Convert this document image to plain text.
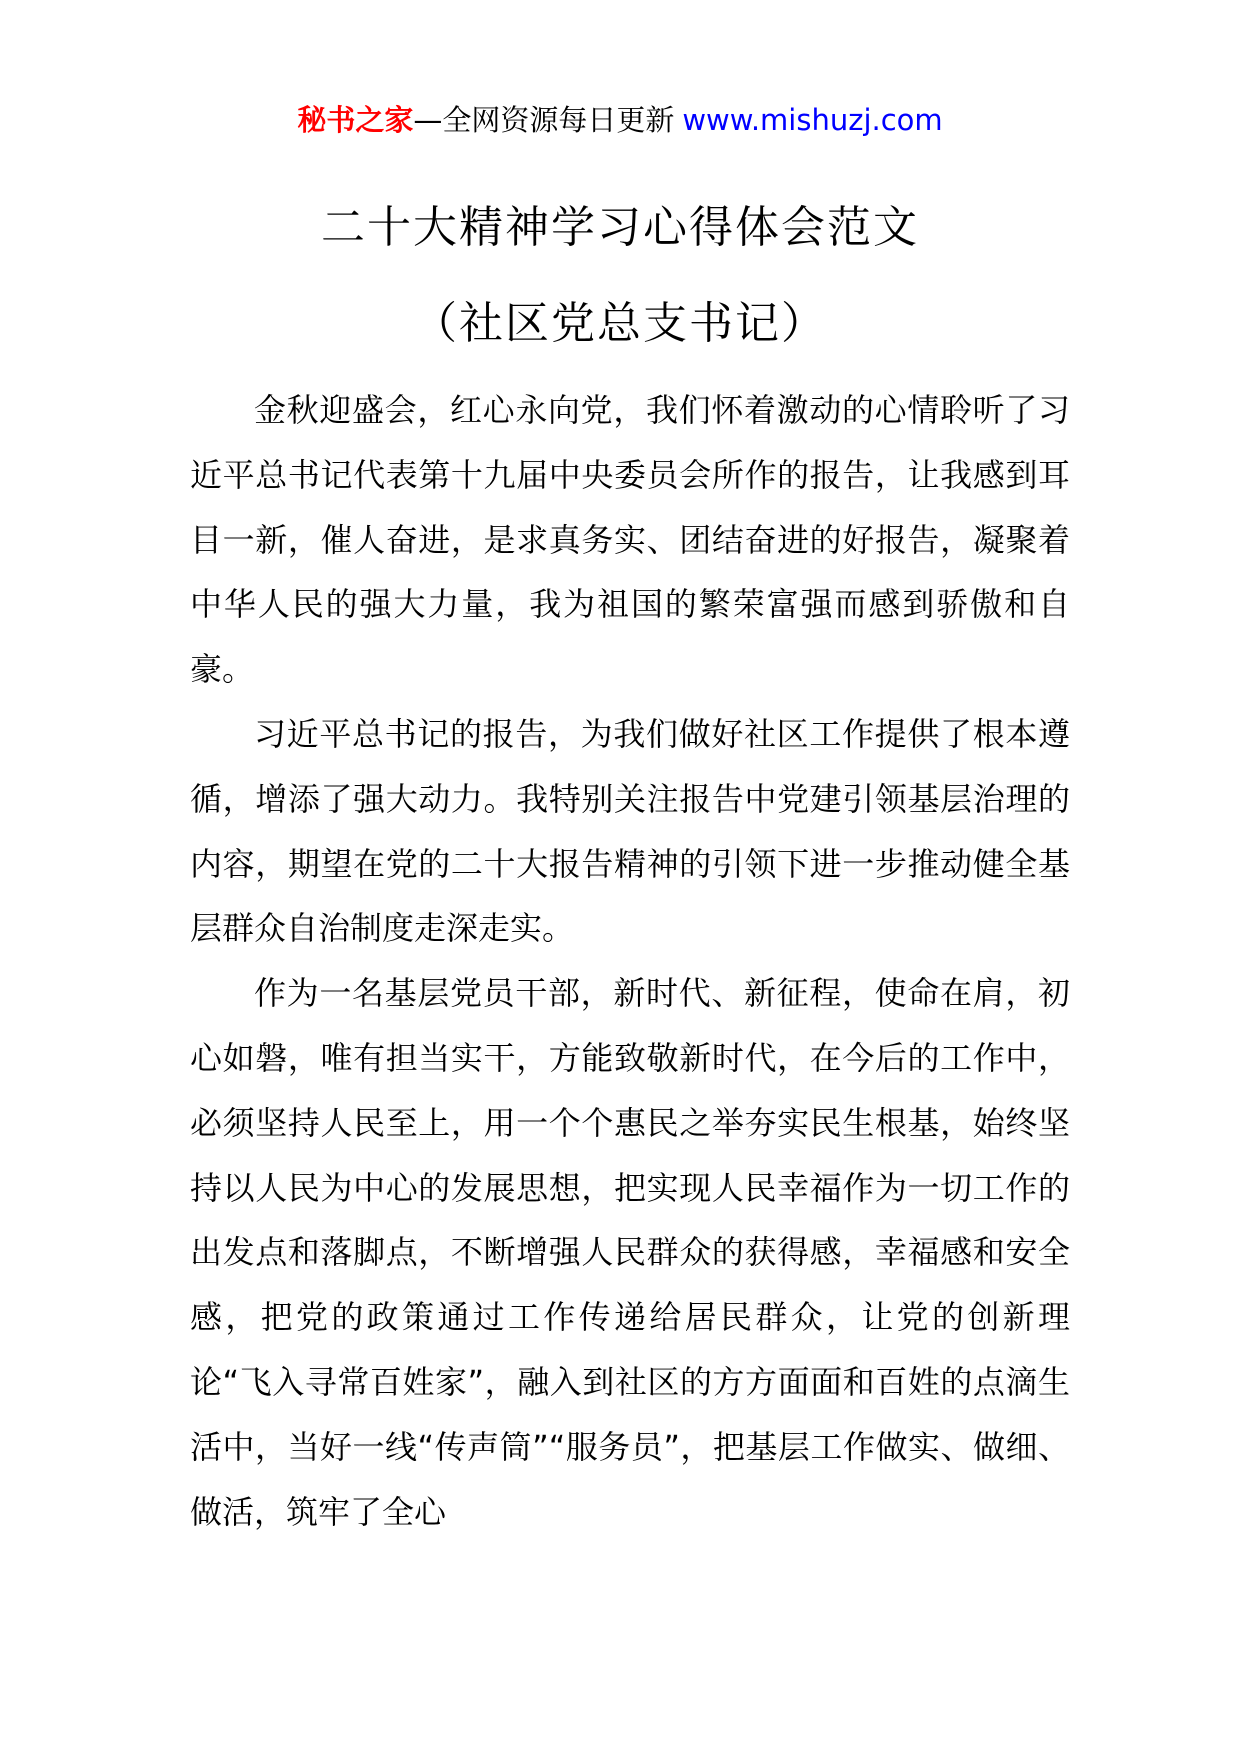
秘书之家—全网资源每日更新 www.mishuzj.com
二十大精神学习心得体会范文
（社区党总支书记）

金秋迎盛会，红心永向党，我们怀着激动的心情聆听了习近平总书记代表第十九届中央委员会所作的报告，让我感到耳目一新，催人奋进，是求真务实、团结奋进的好报告，凝聚着中华人民的强大力量，我为祖国的繁荣富强而感到骄傲和自豪。

习近平总书记的报告，为我们做好社区工作提供了根本遵循，增添了强大动力。我特别关注报告中党建引领基层治理的内容，期望在党的二十大报告精神的引领下进一步推动健全基层群众自治制度走深走实。

作为一名基层党员干部，新时代、新征程，使命在肩，初心如磐，唯有担当实干，方能致敬新时代，在今后的工作中，必须坚持人民至上，用一个个惠民之举夯实民生根基，始终坚持以人民为中心的发展思想，把实现人民幸福作为一切工作的出发点和落脚点，不断增强人民群众的获得感，幸福感和安全感，把党的政策通过工作传递给居民群众，让党的创新理论“飞入寻常百姓家”，融入到社区的方方面面和百姓的点滴生活中，当好一线“传声筒”“服务员”，把基层工作做实、做细、做活，筑牢了全心
